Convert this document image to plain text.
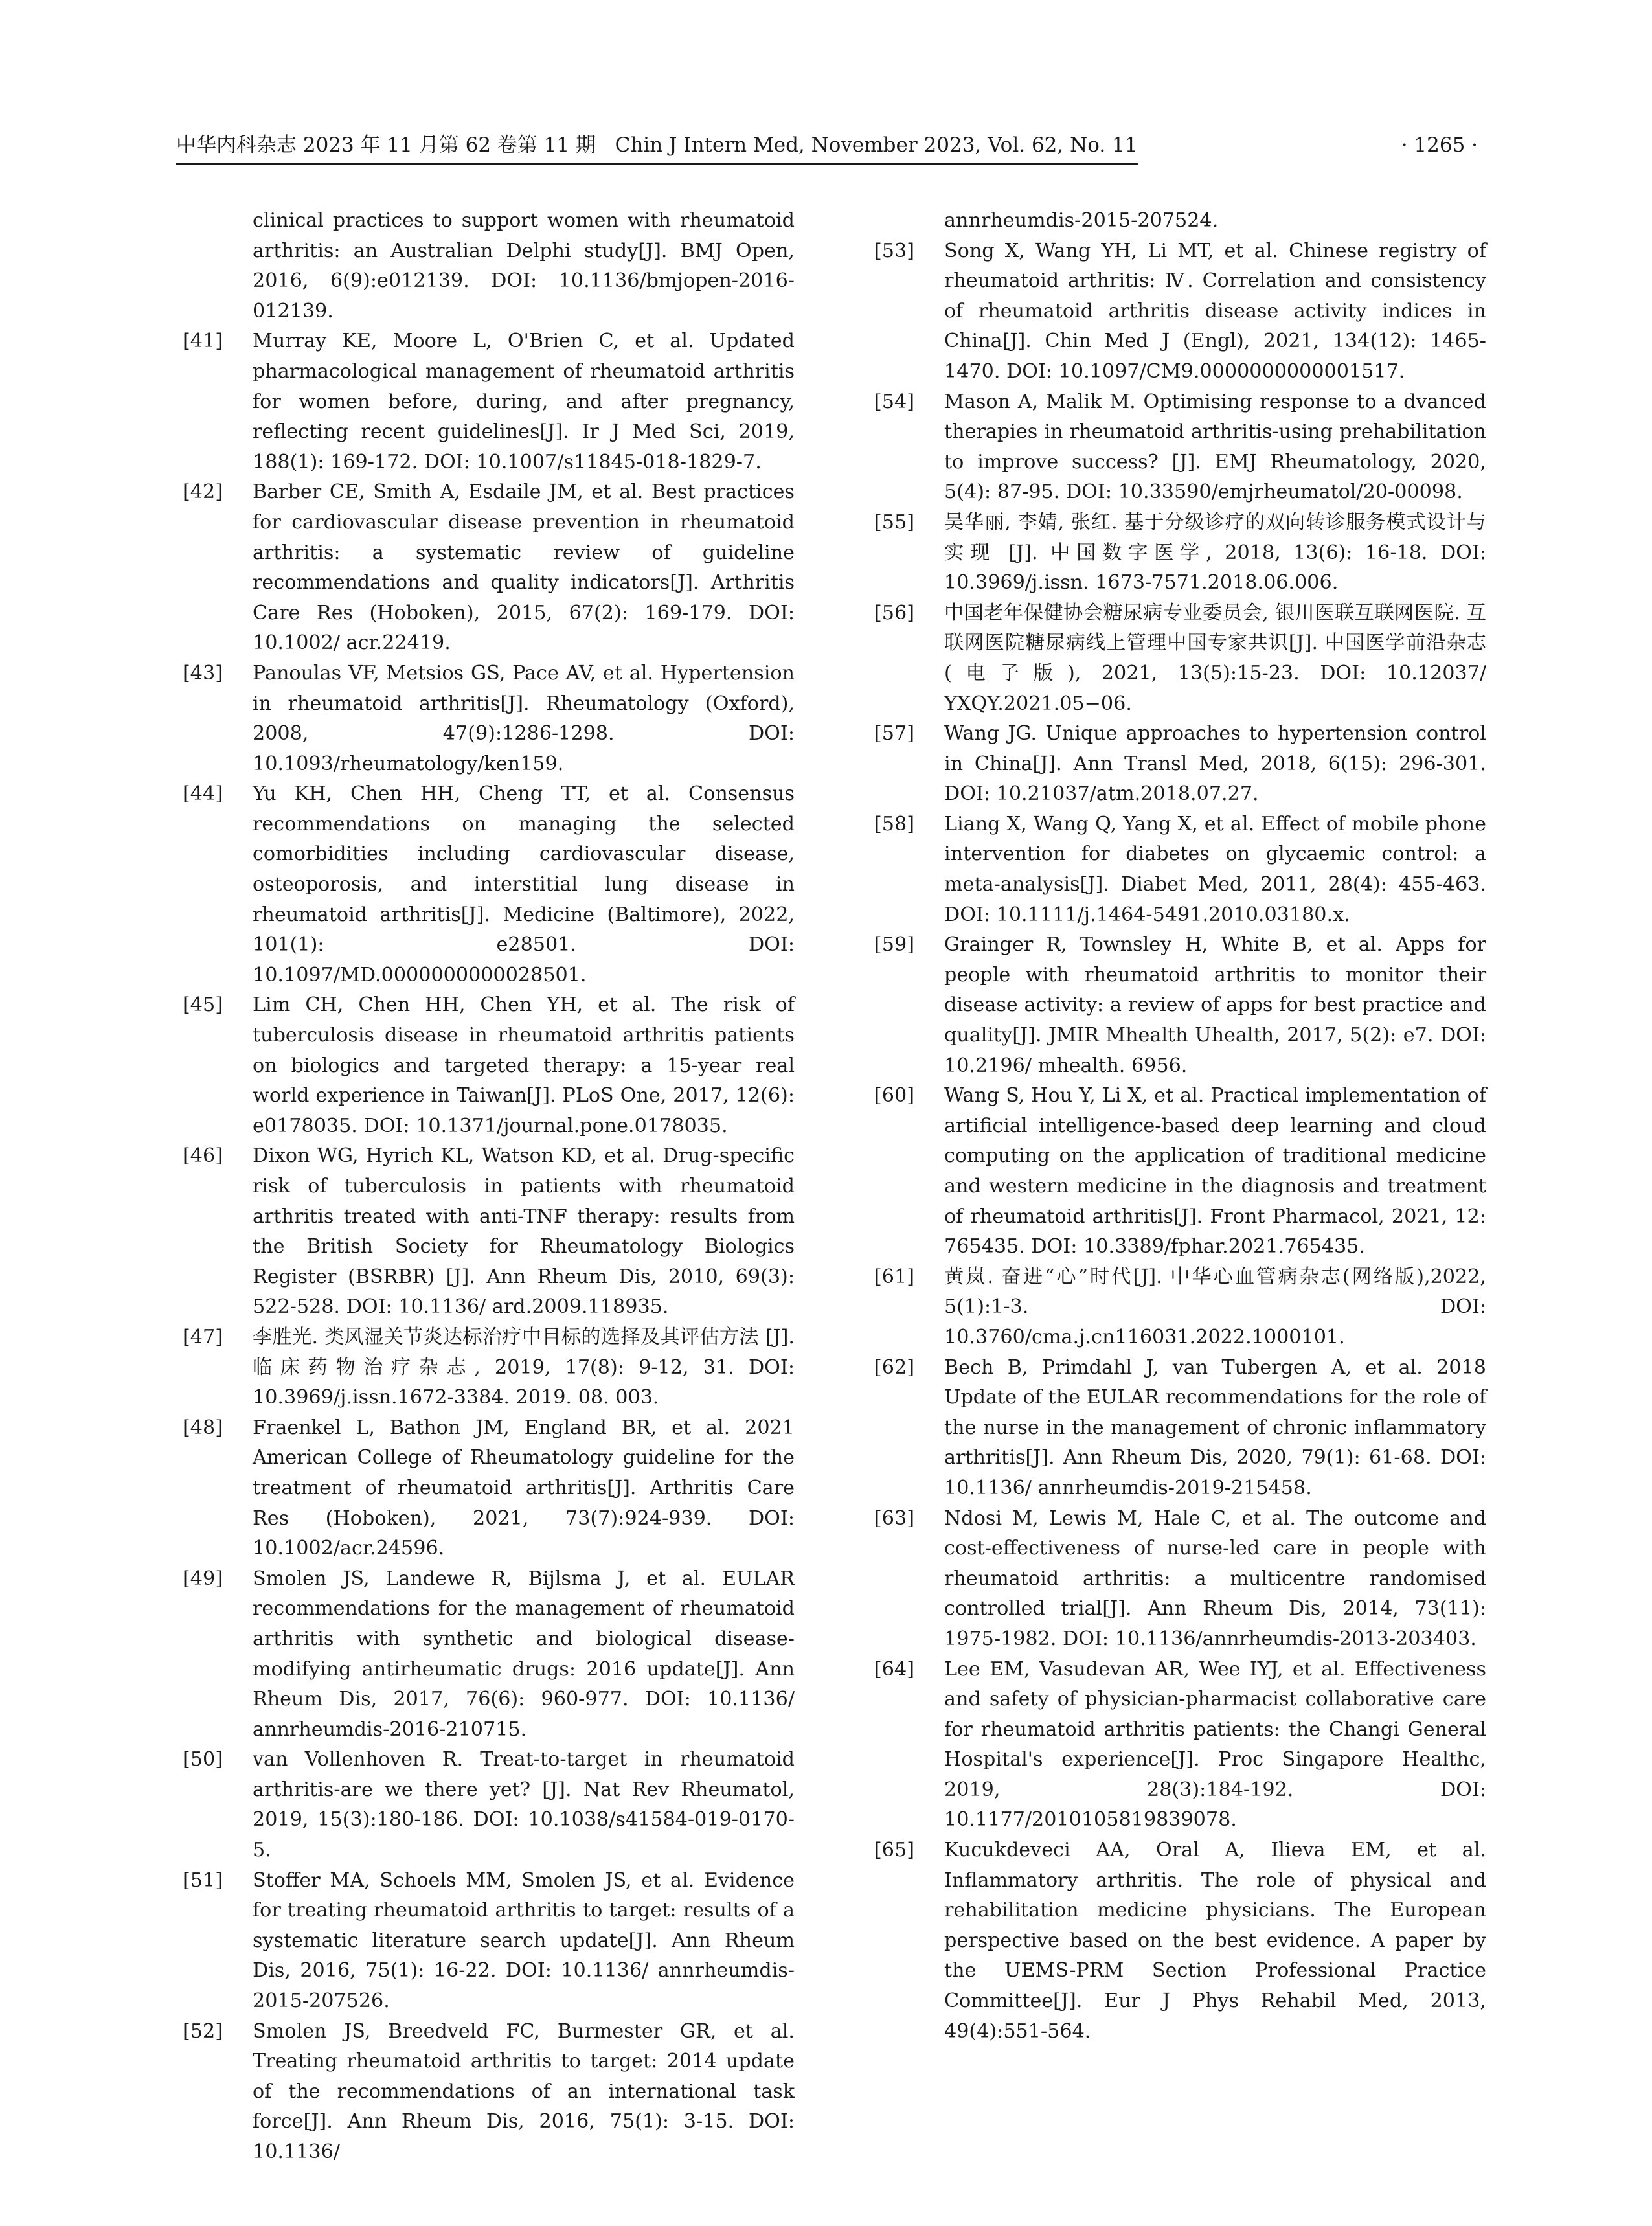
中华内科杂志 2023 年 11 月第 62 卷第 11 期 Chin J Intern Med, November 2023, Vol. 62, No. 11	· 1265 ·
clinical practices to support women with rheumatoid arthritis: an Australian Delphi study[J]. BMJ Open, 2016, 6(9):e012139. DOI: 10.1136/bmjopen-2016-012139.
[41]	Murray KE, Moore L, O'Brien C, et al. Updated pharmacological management of rheumatoid arthritis for women before, during, and after pregnancy, reflecting recent guidelines[J]. Ir J Med Sci, 2019, 188(1): 169-172. DOI: 10.1007/s11845-018-1829-7.
[42]	Barber CE, Smith A, Esdaile JM, et al. Best practices for cardiovascular disease prevention in rheumatoid arthritis: a systematic review of guideline recommendations and quality indicators[J]. Arthritis Care Res (Hoboken), 2015, 67(2): 169-179. DOI: 10.1002/ acr.22419.
[43]	Panoulas VF, Metsios GS, Pace AV, et al. Hypertension in rheumatoid arthritis[J]. Rheumatology (Oxford), 2008, 47(9):1286-1298. DOI: 10.1093/rheumatology/ken159.
[44]	Yu KH, Chen HH, Cheng TT, et al. Consensus recommendations on managing the selected comorbidities including cardiovascular disease, osteoporosis, and interstitial lung disease in rheumatoid arthritis[J]. Medicine (Baltimore), 2022, 101(1): e28501. DOI: 10.1097/MD.0000000000028501.
[45]	Lim CH, Chen HH, Chen YH, et al. The risk of tuberculosis disease in rheumatoid arthritis patients on biologics and targeted therapy: a 15-year real world experience in Taiwan[J]. PLoS One, 2017, 12(6): e0178035. DOI: 10.1371/journal.pone.0178035.
[46]	Dixon WG, Hyrich KL, Watson KD, et al. Drug-specific risk of tuberculosis in patients with rheumatoid arthritis treated with anti-TNF therapy: results from the British Society for Rheumatology Biologics Register (BSRBR) [J]. Ann Rheum Dis, 2010, 69(3): 522-528. DOI: 10.1136/ ard.2009.118935.
[47]	李胜光. 类风湿关节炎达标治疗中目标的选择及其评估方法 [J]. 临床药物治疗杂志, 2019, 17(8): 9-12, 31. DOI: 10.3969/j.issn.1672-3384. 2019. 08. 003.
[48]	Fraenkel L, Bathon JM, England BR, et al. 2021 American College of Rheumatology guideline for the treatment of rheumatoid arthritis[J]. Arthritis Care Res (Hoboken), 2021, 73(7):924-939. DOI: 10.1002/acr.24596.
[49]	Smolen JS, Landewe R, Bijlsma J, et al. EULAR recommendations for the management of rheumatoid arthritis with synthetic and biological disease-modifying antirheumatic drugs: 2016 update[J]. Ann Rheum Dis, 2017, 76(6): 960-977. DOI: 10.1136/ annrheumdis-2016-210715.
[50]	van Vollenhoven R. Treat-to-target in rheumatoid arthritis-are we there yet? [J]. Nat Rev Rheumatol, 2019, 15(3):180-186. DOI: 10.1038/s41584-019-0170-5.
[51]	Stoffer MA, Schoels MM, Smolen JS, et al. Evidence for treating rheumatoid arthritis to target: results of a systematic literature search update[J]. Ann Rheum Dis, 2016, 75(1): 16-22. DOI: 10.1136/ annrheumdis-2015-207526.
[52]	Smolen JS, Breedveld FC, Burmester GR, et al. Treating rheumatoid arthritis to target: 2014 update of the recommendations of an international task force[J]. Ann Rheum Dis, 2016, 75(1): 3-15. DOI: 10.1136/
annrheumdis-2015-207524.
[53]	Song X, Wang YH, Li MT, et al. Chinese registry of rheumatoid arthritis: Ⅳ. Correlation and consistency of rheumatoid arthritis disease activity indices in China[J]. Chin Med J (Engl), 2021, 134(12): 1465-1470. DOI: 10.1097/CM9.0000000000001517.
[54]	Mason A, Malik M. Optimising response to a dvanced therapies in rheumatoid arthritis-using prehabilitation to improve success? [J]. EMJ Rheumatology, 2020, 5(4): 87-95. DOI: 10.33590/emjrheumatol/20-00098.
[55]	吴华丽, 李婧, 张红. 基于分级诊疗的双向转诊服务模式设计与实现 [J]. 中国数字医学, 2018, 13(6): 16-18. DOI: 10.3969/j.issn. 1673-7571.2018.06.006.
[56]	中国老年保健协会糖尿病专业委员会, 银川医联互联网医院. 互联网医院糖尿病线上管理中国专家共识[J]. 中国医学前沿杂志(电子版), 2021, 13(5):15-23. DOI: 10.12037/ YXQY.2021.05−06.
[57]	Wang JG. Unique approaches to hypertension control in China[J]. Ann Transl Med, 2018, 6(15): 296-301. DOI: 10.21037/atm.2018.07.27.
[58]	Liang X, Wang Q, Yang X, et al. Effect of mobile phone intervention for diabetes on glycaemic control: a meta-analysis[J]. Diabet Med, 2011, 28(4): 455-463. DOI: 10.1111/j.1464-5491.2010.03180.x.
[59]	Grainger R, Townsley H, White B, et al. Apps for people with rheumatoid arthritis to monitor their disease activity: a review of apps for best practice and quality[J]. JMIR Mhealth Uhealth, 2017, 5(2): e7. DOI: 10.2196/ mhealth. 6956.
[60]	Wang S, Hou Y, Li X, et al. Practical implementation of artificial intelligence-based deep learning and cloud computing on the application of traditional medicine and western medicine in the diagnosis and treatment of rheumatoid arthritis[J]. Front Pharmacol, 2021, 12: 765435. DOI: 10.3389/fphar.2021.765435.
[61]	黄岚. 奋进“心”时代[J]. 中华心血管病杂志(网络版),2022, 5(1):1-3. DOI: 10.3760/cma.j.cn116031.2022.1000101.
[62]	Bech B, Primdahl J, van Tubergen A, et al. 2018 Update of the EULAR recommendations for the role of the nurse in the management of chronic inflammatory arthritis[J]. Ann Rheum Dis, 2020, 79(1): 61-68. DOI: 10.1136/ annrheumdis-2019-215458.
[63]	Ndosi M, Lewis M, Hale C, et al. The outcome and cost-effectiveness of nurse-led care in people with rheumatoid arthritis: a multicentre randomised controlled trial[J]. Ann Rheum Dis, 2014, 73(11): 1975-1982. DOI: 10.1136/annrheumdis-2013-203403.
[64]	Lee EM, Vasudevan AR, Wee IYJ, et al. Effectiveness and safety of physician-pharmacist collaborative care for rheumatoid arthritis patients: the Changi General Hospital's experience[J]. Proc Singapore Healthc, 2019, 28(3):184-192. DOI: 10.1177/2010105819839078.
[65]	Kucukdeveci AA, Oral A, Ilieva EM, et al. Inflammatory arthritis. The role of physical and rehabilitation medicine physicians. The European perspective based on the best evidence. A paper by the UEMS-PRM Section Professional Practice Committee[J]. Eur J Phys Rehabil Med, 2013, 49(4):551-564.
